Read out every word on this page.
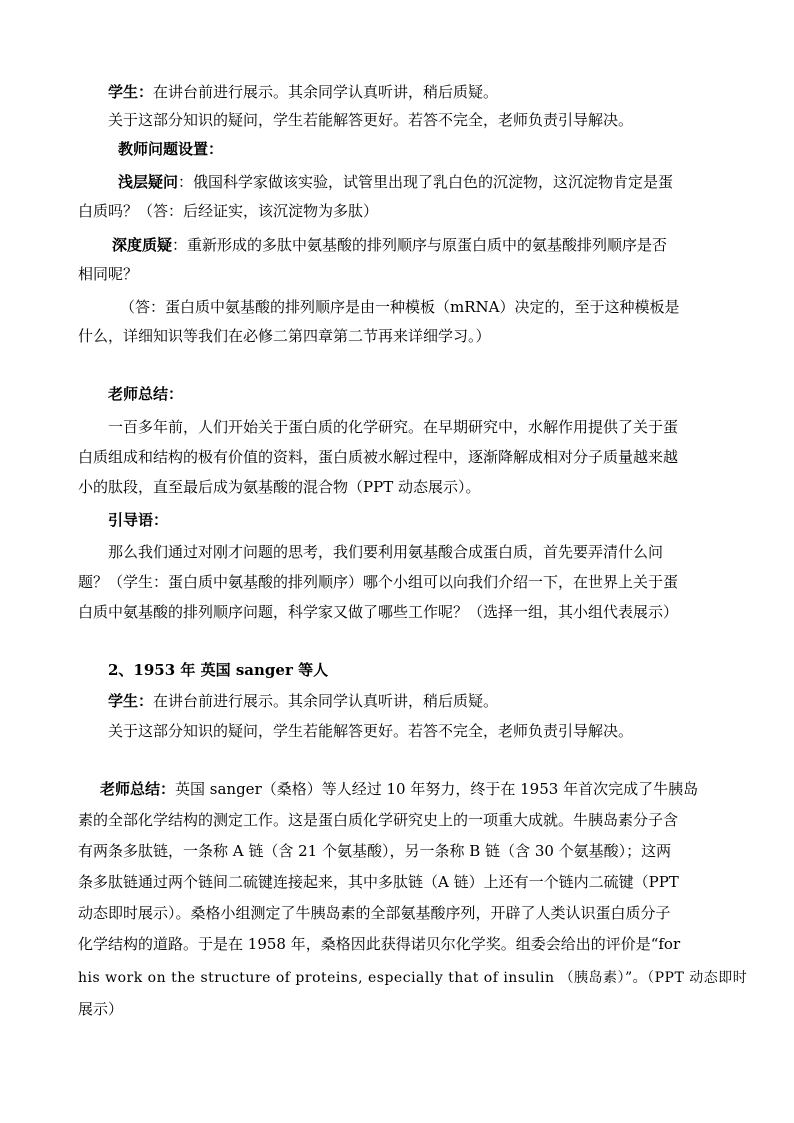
学生：在讲台前进行展示。其余同学认真听讲，稍后质疑。
关于这部分知识的疑问，学生若能解答更好。若答不完全，老师负责引导解决。
教师问题设置：
浅层疑问：俄国科学家做该实验，试管里出现了乳白色的沉淀物，这沉淀物肯定是蛋
白质吗？（答：后经证实，该沉淀物为多肽）
深度质疑：重新形成的多肽中氨基酸的排列顺序与原蛋白质中的氨基酸排列顺序是否
相同呢？
（答：蛋白质中氨基酸的排列顺序是由一种模板（mRNA）决定的，至于这种模板是
什么，详细知识等我们在必修二第四章第二节再来详细学习。）
老师总结：
一百多年前，人们开始关于蛋白质的化学研究。在早期研究中，水解作用提供了关于蛋
白质组成和结构的极有价值的资料，蛋白质被水解过程中，逐渐降解成相对分子质量越来越
小的肽段，直至最后成为氨基酸的混合物（PPT 动态展示）。
引导语：
那么我们通过对刚才问题的思考，我们要利用氨基酸合成蛋白质，首先要弄清什么问
题？（学生：蛋白质中氨基酸的排列顺序）哪个小组可以向我们介绍一下，在世界上关于蛋
白质中氨基酸的排列顺序问题，科学家又做了哪些工作呢？（选择一组，其小组代表展示）
2、1953 年 英国 sanger 等人
学生：在讲台前进行展示。其余同学认真听讲，稍后质疑。
关于这部分知识的疑问，学生若能解答更好。若答不完全，老师负责引导解决。
老师总结：英国 sanger（桑格）等人经过 10 年努力，终于在 1953 年首次完成了牛胰岛
素的全部化学结构的测定工作。这是蛋白质化学研究史上的一项重大成就。牛胰岛素分子含
有两条多肽链，一条称 A 链（含 21 个氨基酸），另一条称 B 链（含 30 个氨基酸）；这两
条多肽链通过两个链间二硫键连接起来，其中多肽链（A 链）上还有一个链内二硫键（PPT
动态即时展示）。桑格小组测定了牛胰岛素的全部氨基酸序列，开辟了人类认识蛋白质分子
化学结构的道路。于是在 1958 年，桑格因此获得诺贝尔化学奖。组委会给出的评价是“for
his work on the structure of proteins, especially that of insulin （胰岛素）”。（PPT 动态即时
展示）
